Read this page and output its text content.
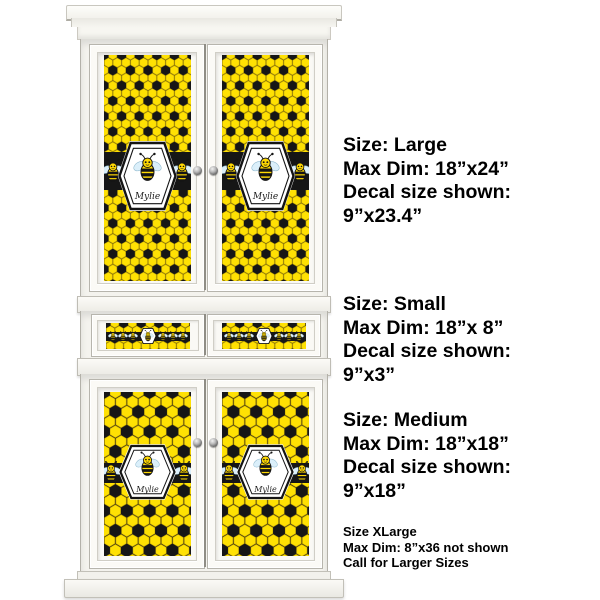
Mylie	Mylie
Mylie	Mylie
Size: Large
Max Dim: 18”x24”
Decal size shown:
9”x23.4”
Size: Small
Max Dim: 18”x 8”
Decal size shown:
9”x3”
Size: Medium
Max Dim: 18”x18”
Decal size shown:
9”x18”
Size XLarge
Max Dim: 8”x36 not shown
Call for Larger Sizes
